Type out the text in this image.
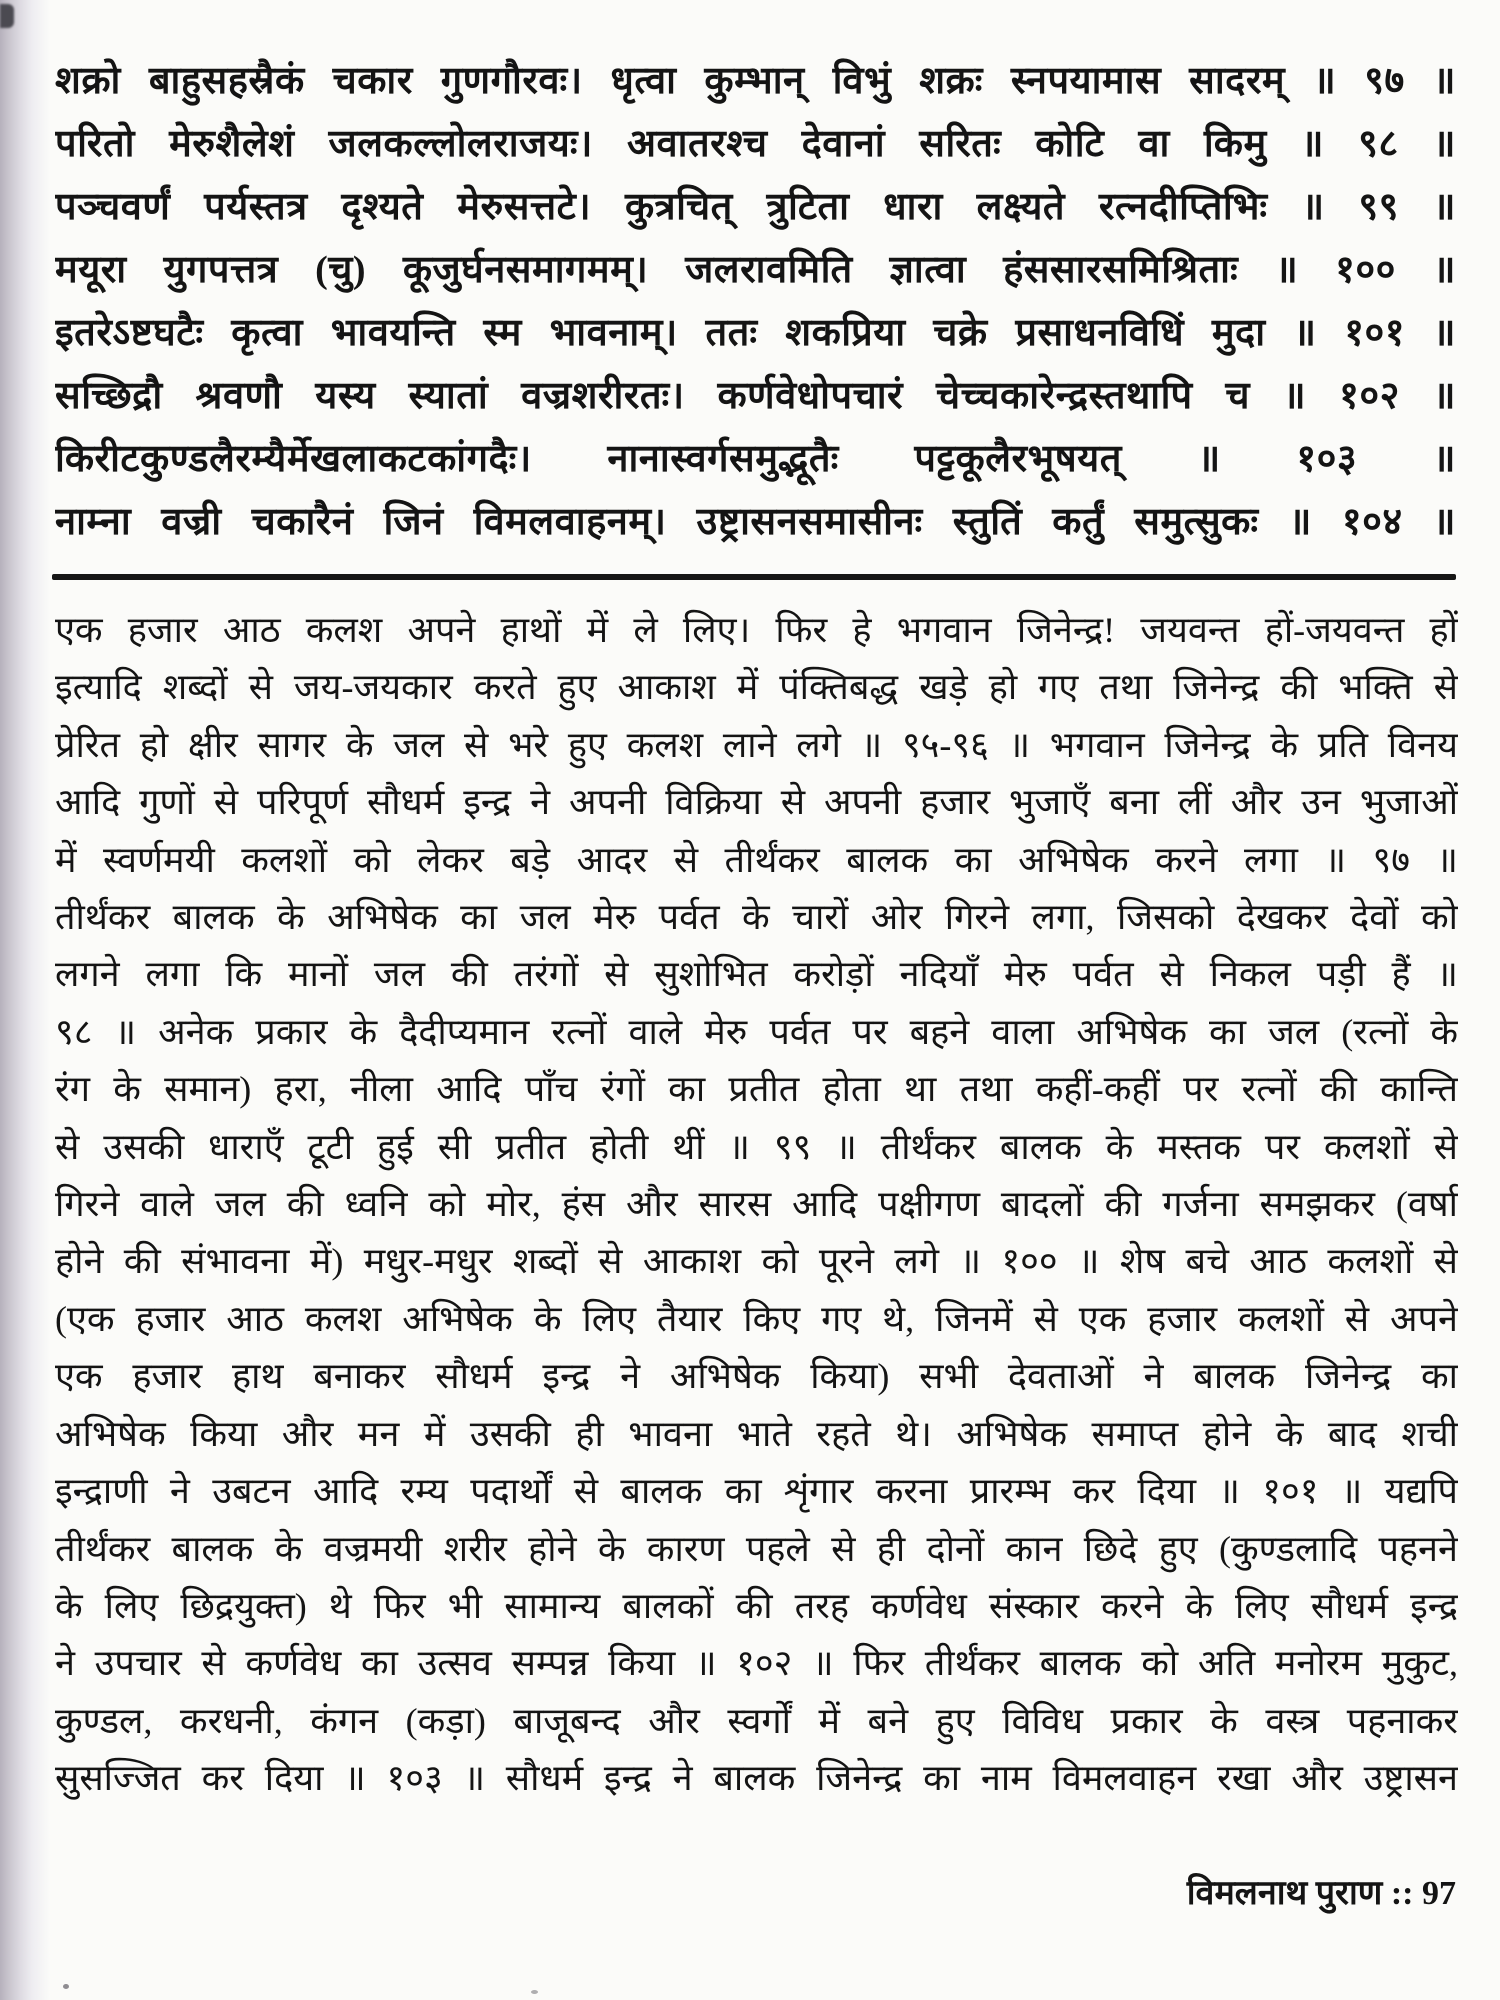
शक्रो बाहुसहस्रैकं चकार गुणगौरवः। धृत्वा कुम्भान् विभुं शक्रः स्नपयामास सादरम् ॥ ९७ ॥
परितो मेरुशैलेशं जलकल्लोलराजयः। अवातरश्च देवानां सरितः कोटि वा किमु ॥ ९८ ॥
पञ्चवर्णं पर्यस्तत्र दृश्यते मेरुसत्तटे। कुत्रचित् त्रुटिता धारा लक्ष्यते रत्नदीप्तिभिः ॥ ९९ ॥
मयूरा युगपत्तत्र (चु) कूजुर्घनसमागमम्। जलरावमिति ज्ञात्वा हंससारसमिश्रिताः ॥ १०० ॥
इतरेऽष्टघटैः कृत्वा भावयन्ति स्म भावनाम्। ततः शकप्रिया चक्रे प्रसाधनविधिं मुदा ॥ १०१ ॥
सच्छिद्रौ श्रवणौ यस्य स्यातां वज्रशरीरतः। कर्णवेधोपचारं चेच्चकारेन्द्रस्तथापि च ॥ १०२ ॥
किरीटकुण्डलैरम्यैर्मेखलाकटकांगदैः। नानास्वर्गसमुद्भूतैः पट्टकूलैरभूषयत् ॥ १०३ ॥
नाम्ना वज्री चकारैनं जिनं विमलवाहनम्। उष्ट्रासनसमासीनः स्तुतिं कर्तुं समुत्सुकः ॥ १०४ ॥
एक हजार आठ कलश अपने हाथों में ले लिए। फिर हे भगवान जिनेन्द्र! जयवन्त हों-जयवन्त हों
इत्यादि शब्दों से जय-जयकार करते हुए आकाश में पंक्तिबद्ध खड़े हो गए तथा जिनेन्द्र की भक्ति से
प्रेरित हो क्षीर सागर के जल से भरे हुए कलश लाने लगे ॥ ९५-९६ ॥ भगवान जिनेन्द्र के प्रति विनय
आदि गुणों से परिपूर्ण सौधर्म इन्द्र ने अपनी विक्रिया से अपनी हजार भुजाएँ बना लीं और उन भुजाओं
में स्वर्णमयी कलशों को लेकर बड़े आदर से तीर्थंकर बालक का अभिषेक करने लगा ॥ ९७ ॥
तीर्थंकर बालक के अभिषेक का जल मेरु पर्वत के चारों ओर गिरने लगा, जिसको देखकर देवों को
लगने लगा कि मानों जल की तरंगों से सुशोभित करोड़ों नदियाँ मेरु पर्वत से निकल पड़ी हैं ॥
९८ ॥ अनेक प्रकार के दैदीप्यमान रत्नों वाले मेरु पर्वत पर बहने वाला अभिषेक का जल (रत्नों के
रंग के समान) हरा, नीला आदि पाँच रंगों का प्रतीत होता था तथा कहीं-कहीं पर रत्नों की कान्ति
से उसकी धाराएँ टूटी हुई सी प्रतीत होती थीं ॥ ९९ ॥ तीर्थंकर बालक के मस्तक पर कलशों से
गिरने वाले जल की ध्वनि को मोर, हंस और सारस आदि पक्षीगण बादलों की गर्जना समझकर (वर्षा
होने की संभावना में) मधुर-मधुर शब्दों से आकाश को पूरने लगे ॥ १०० ॥ शेष बचे आठ कलशों से
(एक हजार आठ कलश अभिषेक के लिए तैयार किए गए थे, जिनमें से एक हजार कलशों से अपने
एक हजार हाथ बनाकर सौधर्म इन्द्र ने अभिषेक किया) सभी देवताओं ने बालक जिनेन्द्र का
अभिषेक किया और मन में उसकी ही भावना भाते रहते थे। अभिषेक समाप्त होने के बाद शची
इन्द्राणी ने उबटन आदि रम्य पदार्थों से बालक का शृंगार करना प्रारम्भ कर दिया ॥ १०१ ॥ यद्यपि
तीर्थंकर बालक के वज्रमयी शरीर होने के कारण पहले से ही दोनों कान छिदे हुए (कुण्डलादि पहनने
के लिए छिद्रयुक्त) थे फिर भी सामान्य बालकों की तरह कर्णवेध संस्कार करने के लिए सौधर्म इन्द्र
ने उपचार से कर्णवेध का उत्सव सम्पन्न किया ॥ १०२ ॥ फिर तीर्थंकर बालक को अति मनोरम मुकुट,
कुण्डल, करधनी, कंगन (कड़ा) बाजूबन्द और स्वर्गों में बने हुए विविध प्रकार के वस्त्र पहनाकर
सुसज्जित कर दिया ॥ १०३ ॥ सौधर्म इन्द्र ने बालक जिनेन्द्र का नाम विमलवाहन रखा और उष्ट्रासन
विमलनाथ पुराण :: 97
